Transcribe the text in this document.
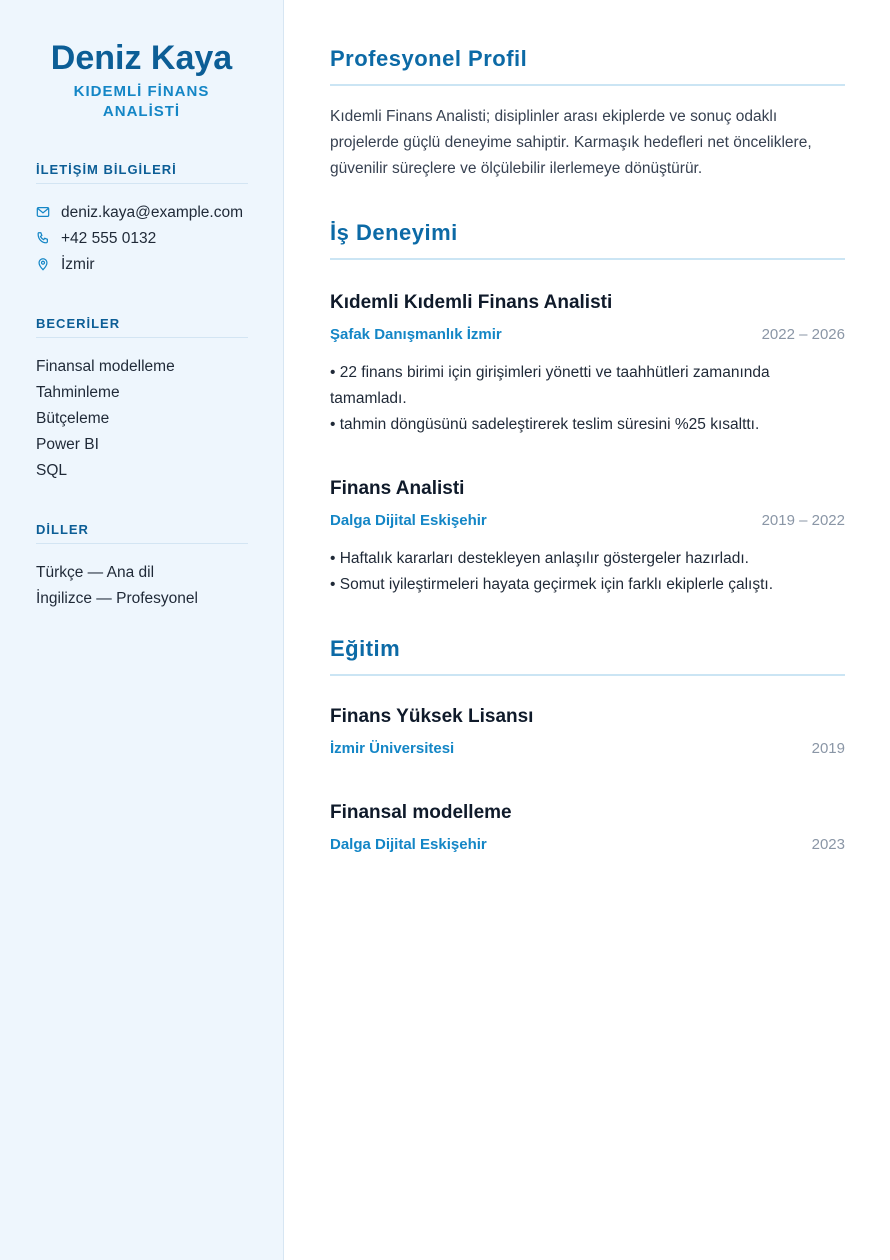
Deniz Kaya
KIDEMLİ FİNANS ANALİSTİ
İLETİŞİM BİLGİLERİ
deniz.kaya@example.com
+42 555 0132
İzmir
BECERİLER
Finansal modelleme
Tahminleme
Bütçeleme
Power BI
SQL
DİLLER
Türkçe — Ana dil
İngilizce — Profesyonel
Profesyonel Profil
Kıdemli Finans Analisti; disiplinler arası ekiplerde ve sonuç odaklı projelerde güçlü deneyime sahiptir. Karmaşık hedefleri net önceliklere, güvenilir süreçlere ve ölçülebilir ilerlemeye dönüştürür.
İş Deneyimi
Kıdemli Kıdemli Finans Analisti
Şafak Danışmanlık İzmir	2022 – 2026
• 22 finans birimi için girişimleri yönetti ve taahhütleri zamanında tamamladı.
• tahmin döngüsünü sadeleştirerek teslim süresini %25 kısalttı.
Finans Analisti
Dalga Dijital Eskişehir	2019 – 2022
• Haftalık kararları destekleyen anlaşılır göstergeler hazırladı.
• Somut iyileştirmeleri hayata geçirmek için farklı ekiplerle çalıştı.
Eğitim
Finans Yüksek Lisansı
İzmir Üniversitesi	2019
Finansal modelleme
Dalga Dijital Eskişehir	2023
